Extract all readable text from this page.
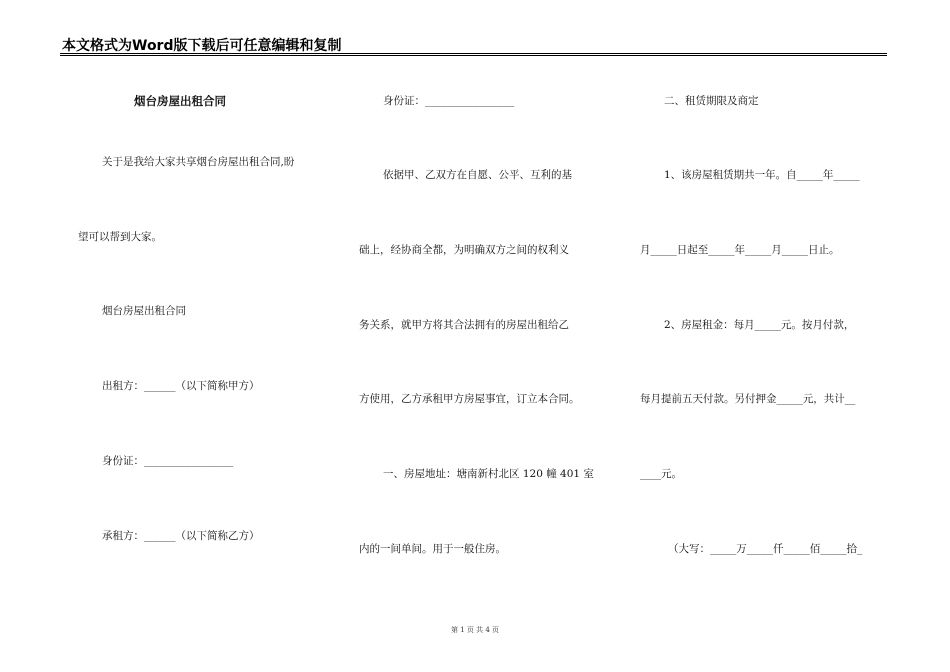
本文格式为Word版下载后可任意编辑和复制
烟台房屋出租合同
关于是我给大家共享烟台房屋出租合同,盼
望可以帮到大家。
烟台房屋出租合同
出租方：______（以下简称甲方）
身份证：_________________
承租方：______（以下简称乙方）
身份证：_________________
依据甲、乙双方在自愿、公平、互利的基
础上，经协商全都，为明确双方之间的权利义
务关系，就甲方将其合法拥有的房屋出租给乙
方使用，乙方承租甲方房屋事宜，订立本合同。
一、房屋地址：塘南新村北区 120 幢 401 室
内的一间单间。用于一般住房。
二、租赁期限及商定
1、该房屋租赁期共一年。自_____年_____
月_____日起至_____年_____月_____日止。
2、房屋租金：每月_____元。按月付款，
每月提前五天付款。另付押金_____元，共计__
____元。
（大写：_____万_____仟_____佰_____拾_
第 1 页 共 4 页
